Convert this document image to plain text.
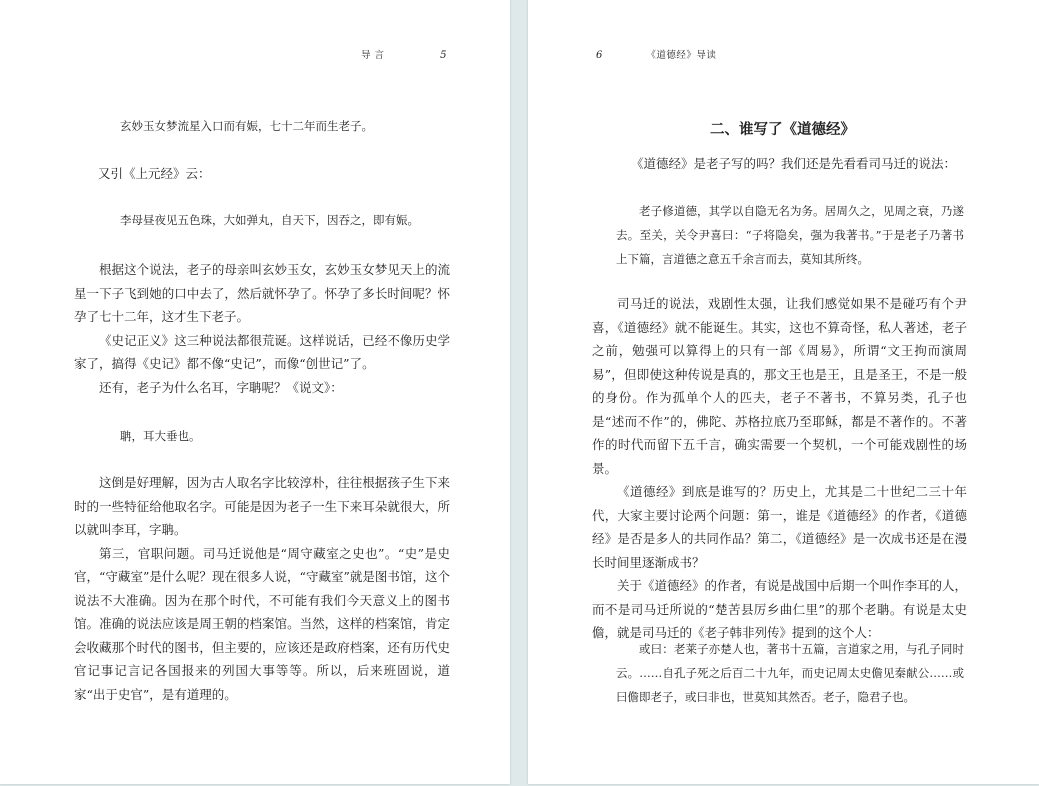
导 言	5

玄妙玉女梦流星入口而有娠，七十二年而生老子。

又引《上元经》云：

李母昼夜见五色珠，大如弹丸，自天下，因吞之，即有娠。

根据这个说法，老子的母亲叫玄妙玉女，玄妙玉女梦见天上的流星一下子飞到她的口中去了，然后就怀孕了。怀孕了多长时间呢？怀孕了七十二年，这才生下老子。

《史记正义》这三种说法都很荒诞。这样说话，已经不像历史学家了，搞得《史记》都不像“史记”，而像“创世记”了。

还有，老子为什么名耳，字聃呢？《说文》：

聃，耳大垂也。

这倒是好理解，因为古人取名字比较淳朴，往往根据孩子生下来时的一些特征给他取名字。可能是因为老子一生下来耳朵就很大，所以就叫李耳，字聃。

第三，官职问题。司马迁说他是“周守藏室之史也”。“史”是史官，“守藏室”是什么呢？现在很多人说，“守藏室”就是图书馆，这个说法不大准确。因为在那个时代，不可能有我们今天意义上的图书馆。准确的说法应该是周王朝的档案馆。当然，这样的档案馆，肯定会收藏那个时代的图书，但主要的，应该还是政府档案，还有历代史官记事记言记各国报来的列国大事等等。所以，后来班固说，道家“出于史官”，是有道理的。

6	《道德经》导读
二、谁写了《道德经》

《道德经》是老子写的吗？我们还是先看看司马迁的说法：

老子修道德，其学以自隐无名为务。居周久之，见周之衰，乃遂去。至关，关令尹喜曰：“子将隐矣，强为我著书。”于是老子乃著书上下篇，言道德之意五千余言而去，莫知其所终。

司马迁的说法，戏剧性太强，让我们感觉如果不是碰巧有个尹喜，《道德经》就不能诞生。其实，这也不算奇怪，私人著述，老子之前，勉强可以算得上的只有一部《周易》，所谓“文王拘而演周易”，但即使这种传说是真的，那文王也是王，且是圣王，不是一般的身份。作为孤单个人的匹夫，老子不著书，不算另类，孔子也是“述而不作”的，佛陀、苏格拉底乃至耶稣，都是不著作的。不著作的时代而留下五千言，确实需要一个契机，一个可能戏剧性的场景。

《道德经》到底是谁写的？历史上，尤其是二十世纪二三十年代，大家主要讨论两个问题：第一，谁是《道德经》的作者，《道德经》是否是多人的共同作品？第二，《道德经》是一次成书还是在漫长时间里逐渐成书？

关于《道德经》的作者，有说是战国中后期一个叫作李耳的人，而不是司马迁所说的“楚苦县厉乡曲仁里”的那个老聃。有说是太史儋，就是司马迁的《老子韩非列传》提到的这个人：

或曰：老莱子亦楚人也，著书十五篇，言道家之用，与孔子同时云。……自孔子死之后百二十九年，而史记周太史儋见秦献公……或曰儋即老子，或曰非也，世莫知其然否。老子，隐君子也。
